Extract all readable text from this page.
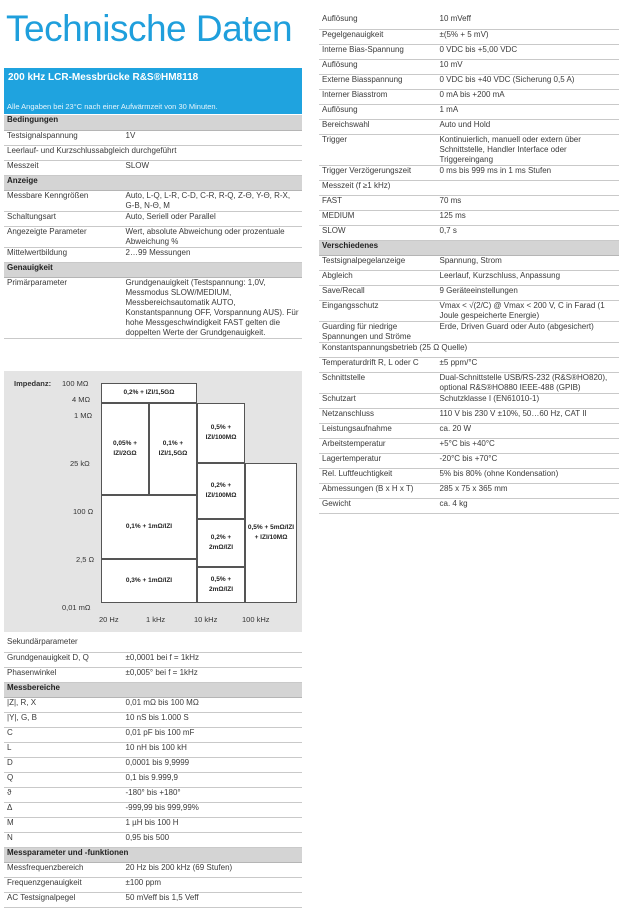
Technische Daten
200 kHz LCR-Messbrücke R&S®HM8118
Alle Angaben bei 23°C nach einer Aufwärmzeit von 30 Minuten.
Bedingungen	
Testsignalspannung	1V
Leerlauf- und Kurzschlussabgleich durchgeführt	
Messzeit	SLOW
Anzeige	
Messbare Kenngrößen	Auto, L-Q, L-R, C-D, C-R, R-Q, Z-Θ, Y-Θ, R-X, G-B, N-Θ, M
Schaltungsart	Auto, Seriell oder Parallel
Angezeigte Parameter	Wert, absolute Abweichung oder prozentuale Abweichung %
Mittelwertbildung	2…99 Messungen
Genauigkeit	
Primärparameter	Grundgenauigkeit (Testspannung: 1,0V, Messmodus SLOW/MEDIUM, Messbereichsautomatik AUTO, Konstantspannung OFF, Vorspannung AUS). Für hohe Messgeschwindigkeit FAST gelten die doppelten Werte der Grundgenauigkeit.
Impedanz: 100 MΩ
4 MΩ
1 MΩ
25 kΩ
100 Ω
2,5 Ω
0,01 mΩ
0,2% + IZI/1,5GΩ
0,05% + IZI/2GΩ
0,1% + IZI/1,5GΩ
0,5% + IZI/100MΩ
0,2% + IZI/100MΩ
0,5% + 5mΩ/IZI + IZI/10MΩ
0,1% + 1mΩ/IZI
0,2% + 2mΩ/IZI
0,3% + 1mΩ/IZI	0,5% + 2mΩ/IZI
20 Hz	1 kHz	10 kHz	100 kHz
Sekundärparameter	
Grundgenauigkeit D, Q	±0,0001 bei f = 1kHz
Phasenwinkel	±0,005° bei f = 1kHz
Messbereiche	
|Z|, R, X	0,01 mΩ bis 100 MΩ
|Y|, G, B	10 nS bis 1.000 S
C	0,01 pF bis 100 mF
L	10 nH bis 100 kH
D	0,0001 bis 9,9999
Q	0,1 bis 9.999,9
ϑ	-180° bis +180°
Δ	-999,99 bis 999,99%
M	1 µH bis 100 H
N	0,95 bis 500
Messparameter und -funktionen	
Messfrequenzbereich	20 Hz bis 200 kHz (69 Stufen)
Frequenzgenauigkeit	±100 ppm
AC Testsignalpegel	50 mVeff bis 1,5 Veff
Auflösung	10 mVeff
Pegelgenauigkeit	±(5% + 5 mV)
Interne Bias-Spannung	0 VDC bis +5,00 VDC
Auflösung	10 mV
Externe Biasspannung	0 VDC bis +40 VDC (Sicherung 0,5 A)
Interner Biasstrom	0 mA bis +200 mA
Auflösung	1 mA
Bereichswahl	Auto und Hold
Trigger	Kontinuierlich, manuell oder extern über Schnittstelle, Handler Interface oder Triggereingang
Trigger Verzögerungszeit	0 ms bis 999 ms in 1 ms Stufen
Messzeit (f ≥1 kHz)	
FAST	70 ms
MEDIUM	125 ms
SLOW	0,7 s
Verschiedenes	
Testsignalpegelanzeige	Spannung, Strom
Abgleich	Leerlauf, Kurzschluss, Anpassung
Save/Recall	9 Geräteeinstellungen
Eingangsschutz	Vmax < √(2/C) @ Vmax < 200 V, C in Farad (1 Joule gespeicherte Energie)
Guarding für niedrige Spannungen und Ströme	Erde, Driven Guard oder Auto (abgesichert)
Konstantspannungsbetrieb (25 Ω Quelle)	
Temperaturdrift R, L oder C	±5 ppm/°C
Schnittstelle	Dual-Schnittstelle USB/RS-232 (R&S®HO820), optional R&S®HO880 IEEE-488 (GPIB)
Schutzart	Schutzklasse I (EN61010-1)
Netzanschluss	110 V bis 230 V ±10%, 50…60 Hz, CAT II
Leistungsaufnahme	ca. 20 W
Arbeitstemperatur	+5°C bis +40°C
Lagertemperatur	-20°C bis +70°C
Rel. Luftfeuchtigkeit	5% bis 80% (ohne Kondensation)
Abmessungen (B x H x T)	285 x 75 x 365 mm
Gewicht	ca. 4 kg
